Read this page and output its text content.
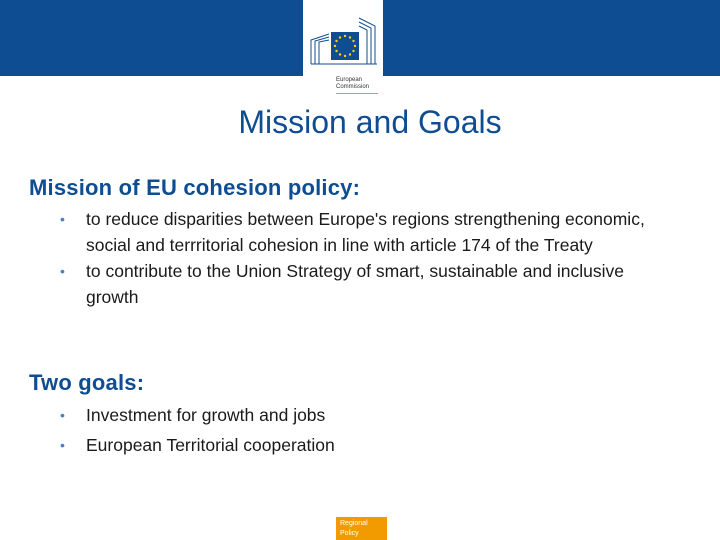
European
Commission
Mission and Goals
Mission of EU cohesion policy:
• to reduce disparities between Europe's regions strengthening economic, social and terrritorial cohesion in line with article 174 of the Treaty
• to contribute to the Union Strategy of smart, sustainable and inclusive growth
Two goals:
• Investment for growth and jobs
• European Territorial cooperation
Regional
Policy
